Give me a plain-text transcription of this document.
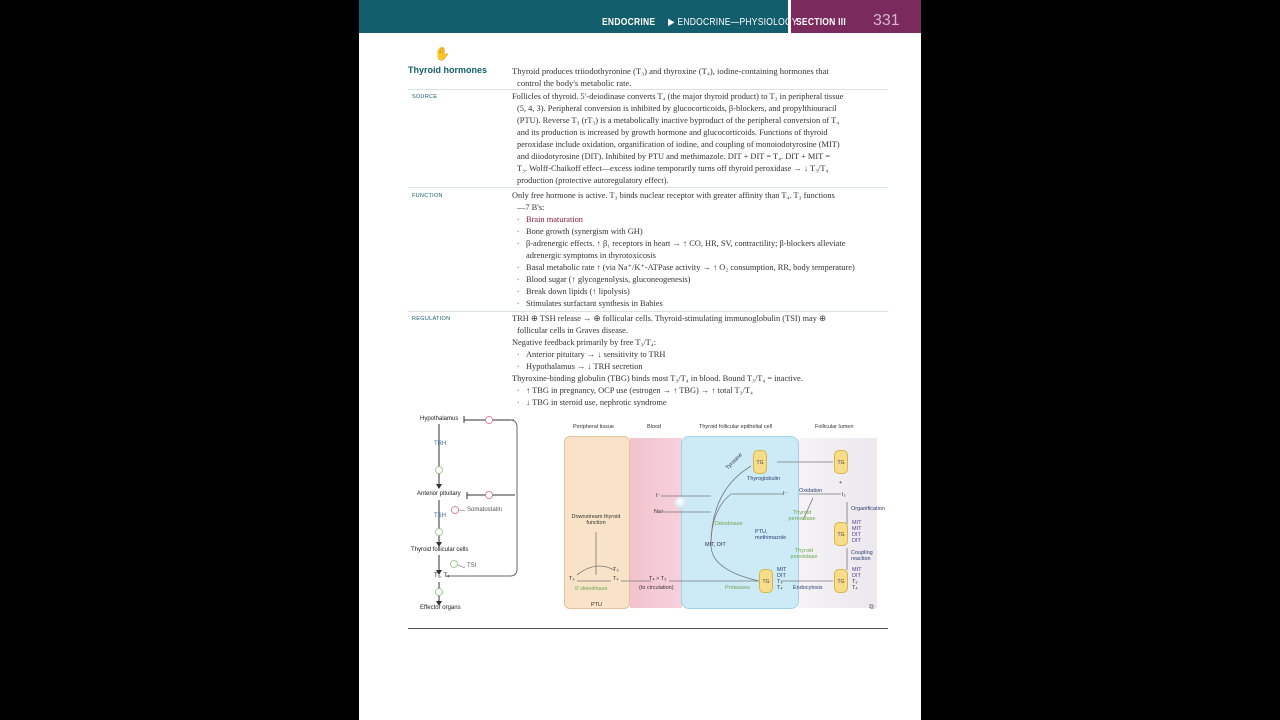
ENDOCRINE ▶ ENDOCRINE—PHYSIOLOGY
SECTION III 331
✋
Thyroid hormones	Thyroid produces triiodothyronine (T₃) and thyroxine (T₄), iodine-containing hormones that
control the body's metabolic rate.
SOURCE	Follicles of thyroid. 5′-deiodinase converts T₄ (the major thyroid product) to T₃ in peripheral tissue

(5, 4, 3). Peripheral conversion is inhibited by glucocorticoids, β-blockers, and propylthiouracil

(PTU). Reverse T₃ (rT₃) is a metabolically inactive byproduct of the peripheral conversion of T₄

and its production is increased by growth hormone and glucocorticoids. Functions of thyroid

peroxidase include oxidation, organification of iodine, and coupling of monoiodotyrosine (MIT)

and diiodotyrosine (DIT). Inhibited by PTU and methimazole. DIT + DIT = T₄. DIT + MIT =

T₃. Wolff-Chaikoff effect—excess iodine temporarily turns off thyroid peroxidase → ↓ T₃/T₄

production (protective autoregulatory effect).

FUNCTION	Only free hormone is active. T₃ binds nuclear receptor with greater affinity than T₄. T₃ functions

—7 B's:

• Brain maturation

• Bone growth (synergism with GH)

• β-adrenergic effects. ↑ β₁ receptors in heart → ↑ CO, HR, SV, contractility; β-blockers alleviate

adrenergic symptoms in thyrotoxicosis

• Basal metabolic rate ↑ (via Na⁺/K⁺-ATPase activity → ↑ O₂ consumption, RR, body temperature)

• Blood sugar (↑ glycogenolysis, gluconeogenesis)

• Break down lipids (↑ lipolysis)

• Stimulates surfactant synthesis in Babies

REGULATION	TRH ⊕ TSH release → ⊕ follicular cells. Thyroid-stimulating immunoglobulin (TSI) may ⊕

follicular cells in Graves disease.

Negative feedback primarily by free T₃/T₄:

• Anterior pituitary → ↓ sensitivity to TRH

• Hypothalamus → ↓ TRH secretion

Thyroxine-binding globulin (TBG) binds most T₃/T₄ in blood. Bound T₃/T₄ = inactive.

• ↑ TBG in pregnancy, OCP use (estrogen → ↑ TBG) → ↑ total T₃/T₄

• ↓ TBG in steroid use, nephrotic syndrome

Hypothalamus
TRH
Anterior pituitary
Somatostatin
TSH
Thyroid follicular cells
TSI
T₃, T₄
Effector organs
Peripheral tissue	Blood	Thyroid follicular epithelial cell	Follicular lumen
Downstream thyroid function
T₃
T₃
T₄
5′-deiodinase
PTU
T₄ > T₃
(to circulation)
I⁻
Na⁺
Tyrosine	TG
Thyroglobulin
TG
+
I⁻ Oxidation
I₂
Organification
Thyroid peroxidase
Thyroid peroxidase
Deiodinase
MIT, DIT
PTU, methimazole	TG
MIT
MIT
DIT
DIT
Coupling reaction
TG
MIT
DIT
T₃
T₄
Endocytosis
TG
MIT
DIT
T₃
T₄
Proteases
⧉
